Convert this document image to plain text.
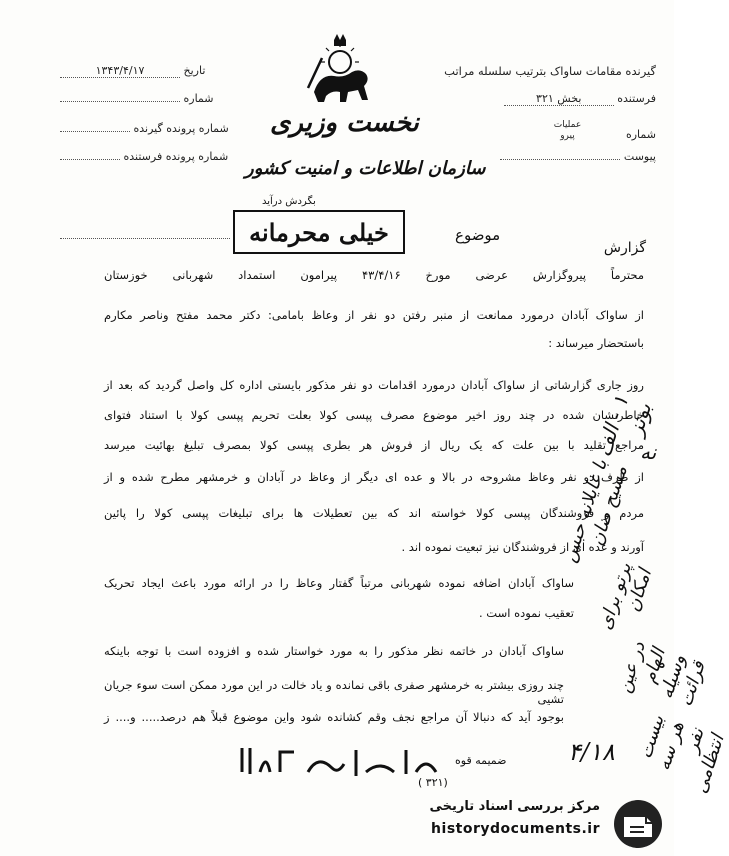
گیرنده مقامات ساواک بترتیب سلسله مراتب
فرستنده بخش ۳۲۱
شماره عملیات
پیرو
پیوست
نخست وزیری
سازمان اطلاعات و امنیت کشور
تاریخ ۱۳۴۳/۴/۱۷
شماره
شماره پرونده گیرنده
شماره پرونده فرستنده
بگردش درآید
موضوع
خیلی محرمانه
گزارش
محترماً پیروگزارش عرضی مورخ ۴۳/۴/۱۶ پیرامون استمداد شهربانی خوزستان
از ساواک آبادان درمورد ممانعت از منبر رفتن دو نفر از وعاظ بامامی: دکتر محمد مفتح وناصر مکارم
باستحضار میرساند :
روز جاری گزارشاتی از ساواک آبادان درمورد اقدامات دو نفر مذکور بایستی اداره کل واصل گردید که بعد از
خاطرنشان شده در چند روز اخیر موضوع مصرف پپسی کولا بعلت تحریم پپسی کولا با استناد فتوای
مراجع تقلید با بین علت که یک ریال از فروش هر بطری پپسی کولا بمصرف تبلیغ بهائیت میرسد
از طرف دو نفر وعاظ مشروحه در بالا و عده ای دیگر از وعاظ در آبادان و خرمشهر مطرح شده و از
مردم و فروشندگان پپسی کولا خواسته اند که بین تعطیلات ها برای تبلیغات پپسی کولا را پائین
آورند و عده ای از فروشندگان نیز تبعیت نموده اند .
ساواک آبادان اضافه نموده شهربانی مرتباً گفتار وعاظ را در ارائه مورد باعث ایجاد تحریک
تعقیب نموده است .
ساواک آبادان در خاتمه نظر مذکور را به مورد خواستار شده و افزوده است با توجه باینکه
چند روزی بیشتر به خرمشهر صفری باقی نمانده و یاد خالت در این مورد ممکن است سوء جریان تشیی
بوجود آید که دنبالا آن مراجع نجف وقم کشانده شود واین موضوع قبلاً هم درصد..... و.... ز
ضمیمه قوه
(۳۲۱ )
نه
۱ - الف بوتز
با غایلانه حبس مسیح ضان
پرتو برای امکان
در عین الهام وسیله قرائت
بیست هر سه نفر انتظامی
۴/۱۸
مرکز بررسی اسناد تاریخی
historydocuments.ir
